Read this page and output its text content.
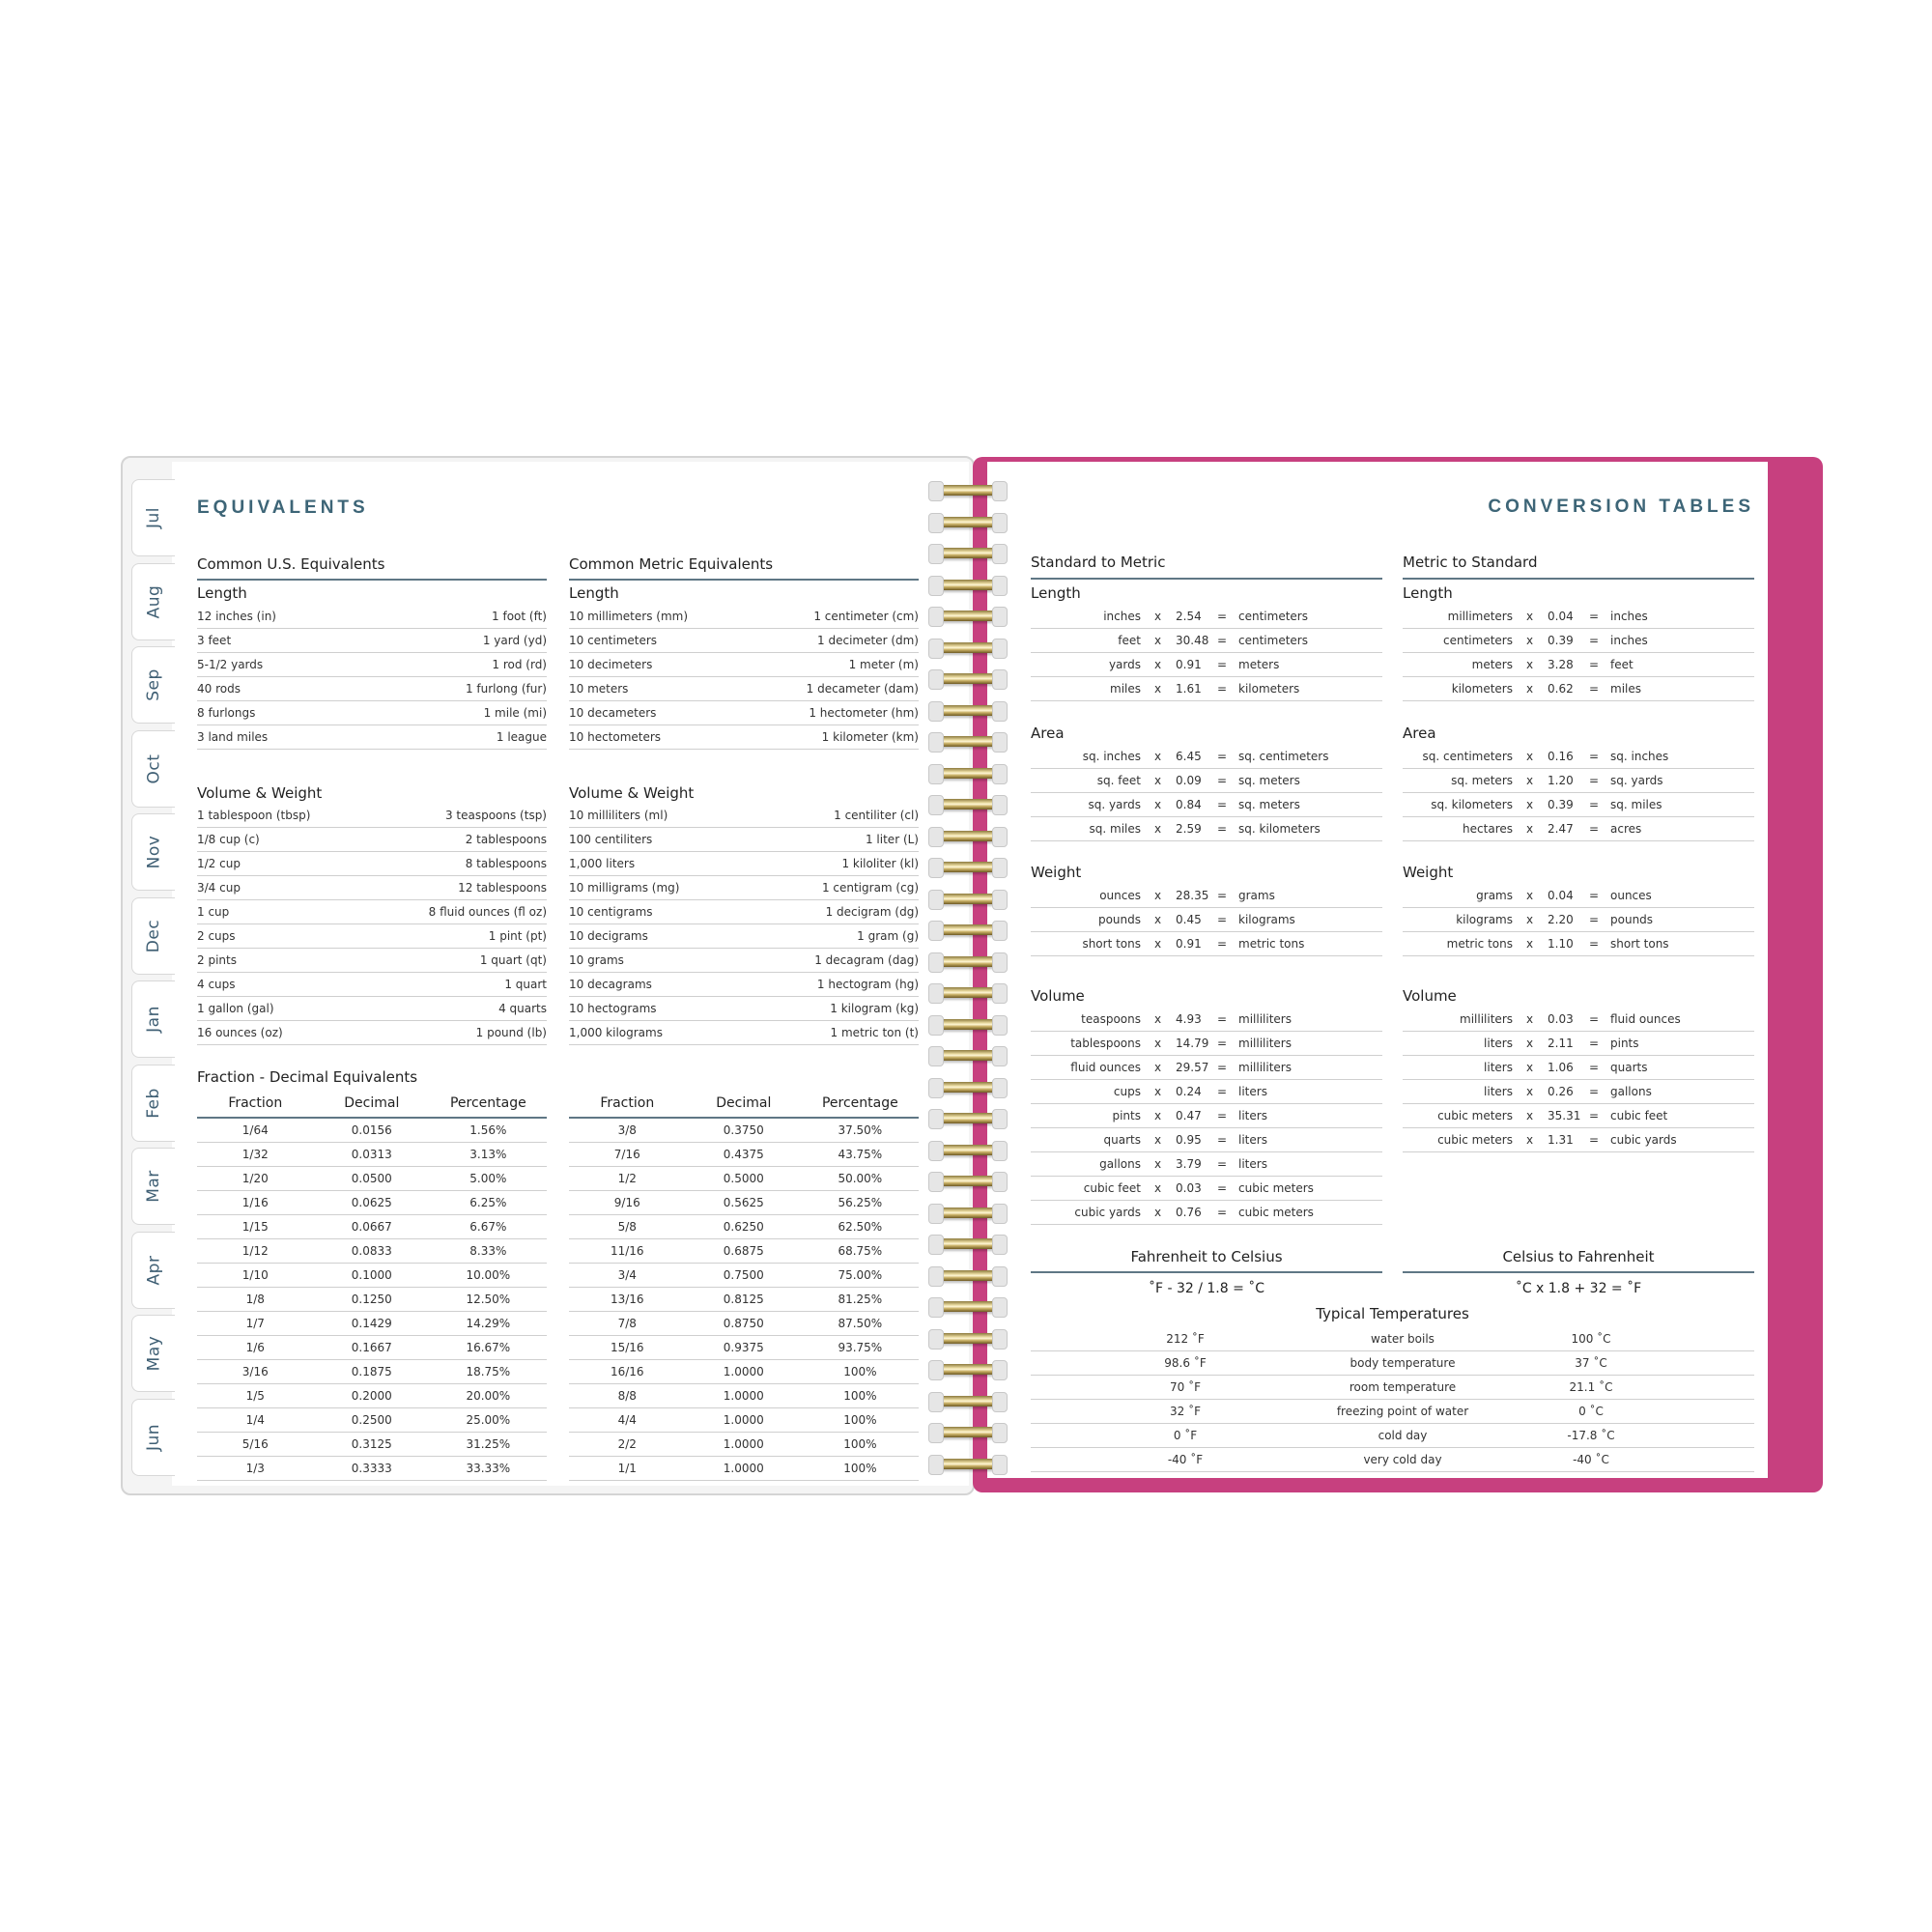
Jul
Aug
Sep
Oct
Nov
Dec
Jan
Feb
Mar
Apr
May
Jun
EQUIVALENTS
Common U.S. Equivalents
Length
12 inches (in)	1 foot (ft)
3 feet	1 yard (yd)
5-1/2 yards	1 rod (rd)
40 rods	1 furlong (fur)
8 furlongs	1 mile (mi)
3 land miles	1 league
Volume & Weight
1 tablespoon (tbsp)	3 teaspoons (tsp)
1/8 cup (c)	2 tablespoons
1/2 cup	8 tablespoons
3/4 cup	12 tablespoons
1 cup	8 fluid ounces (fl oz)
2 cups	1 pint (pt)
2 pints	1 quart (qt)
4 cups	1 quart
1 gallon (gal)	4 quarts
16 ounces (oz)	1 pound (lb)
Common Metric Equivalents
Length
10 millimeters (mm)	1 centimeter (cm)
10 centimeters	1 decimeter (dm)
10 decimeters	1 meter (m)
10 meters	1 decameter (dam)
10 decameters	1 hectometer (hm)
10 hectometers	1 kilometer (km)
Volume & Weight
10 milliliters (ml)	1 centiliter (cl)
100 centiliters	1 liter (L)
1,000 liters	1 kiloliter (kl)
10 milligrams (mg)	1 centigram (cg)
10 centigrams	1 decigram (dg)
10 decigrams	1 gram (g)
10 grams	1 decagram (dag)
10 decagrams	1 hectogram (hg)
10 hectograms	1 kilogram (kg)
1,000 kilograms	1 metric ton (t)
Fraction - Decimal Equivalents
Fraction	Decimal	Percentage
1/64	0.0156	1.56%
1/32	0.0313	3.13%
1/20	0.0500	5.00%
1/16	0.0625	6.25%
1/15	0.0667	6.67%
1/12	0.0833	8.33%
1/10	0.1000	10.00%
1/8	0.1250	12.50%
1/7	0.1429	14.29%
1/6	0.1667	16.67%
3/16	0.1875	18.75%
1/5	0.2000	20.00%
1/4	0.2500	25.00%
5/16	0.3125	31.25%
1/3	0.3333	33.33%
Fraction	Decimal	Percentage
3/8	0.3750	37.50%
7/16	0.4375	43.75%
1/2	0.5000	50.00%
9/16	0.5625	56.25%
5/8	0.6250	62.50%
11/16	0.6875	68.75%
3/4	0.7500	75.00%
13/16	0.8125	81.25%
7/8	0.8750	87.50%
15/16	0.9375	93.75%
16/16	1.0000	100%
8/8	1.0000	100%
4/4	1.0000	100%
2/2	1.0000	100%
1/1	1.0000	100%
CONVERSION TABLES
Standard to Metric
Length
inches x 2.54 = centimeters
feet x 30.48 = centimeters
yards x 0.91 = meters
miles x 1.61 = kilometers
Area
sq. inches x 6.45 = sq. centimeters
sq. feet x 0.09 = sq. meters
sq. yards x 0.84 = sq. meters
sq. miles x 2.59 = sq. kilometers
Weight
ounces x 28.35 = grams
pounds x 0.45 = kilograms
short tons x 0.91 = metric tons
Volume
teaspoons x 4.93 = milliliters
tablespoons x 14.79 = milliliters
fluid ounces x 29.57 = milliliters
cups x 0.24 = liters
pints x 0.47 = liters
quarts x 0.95 = liters
gallons x 3.79 = liters
cubic feet x 0.03 = cubic meters
cubic yards x 0.76 = cubic meters
Metric to Standard
Length
millimeters x 0.04 = inches
centimeters x 0.39 = inches
meters x 3.28 = feet
kilometers x 0.62 = miles
Area
sq. centimeters x 0.16 = sq. inches
sq. meters x 1.20 = sq. yards
sq. kilometers x 0.39 = sq. miles
hectares x 2.47 = acres
Weight
grams x 0.04 = ounces
kilograms x 2.20 = pounds
metric tons x 1.10 = short tons
Volume
milliliters x 0.03 = fluid ounces
liters x 2.11 = pints
liters x 1.06 = quarts
liters x 0.26 = gallons
cubic meters x 35.31 = cubic feet
cubic meters x 1.31 = cubic yards
Fahrenheit to Celsius
˚F - 32 / 1.8 = ˚C
Celsius to Fahrenheit
˚C x 1.8 + 32 = ˚F
Typical Temperatures
212 ˚F	water boils	100 ˚C
98.6 ˚F	body temperature	37 ˚C
70 ˚F	room temperature	21.1 ˚C
32 ˚F	freezing point of water	0 ˚C
0 ˚F	cold day	-17.8 ˚C
-40 ˚F	very cold day	-40 ˚C
